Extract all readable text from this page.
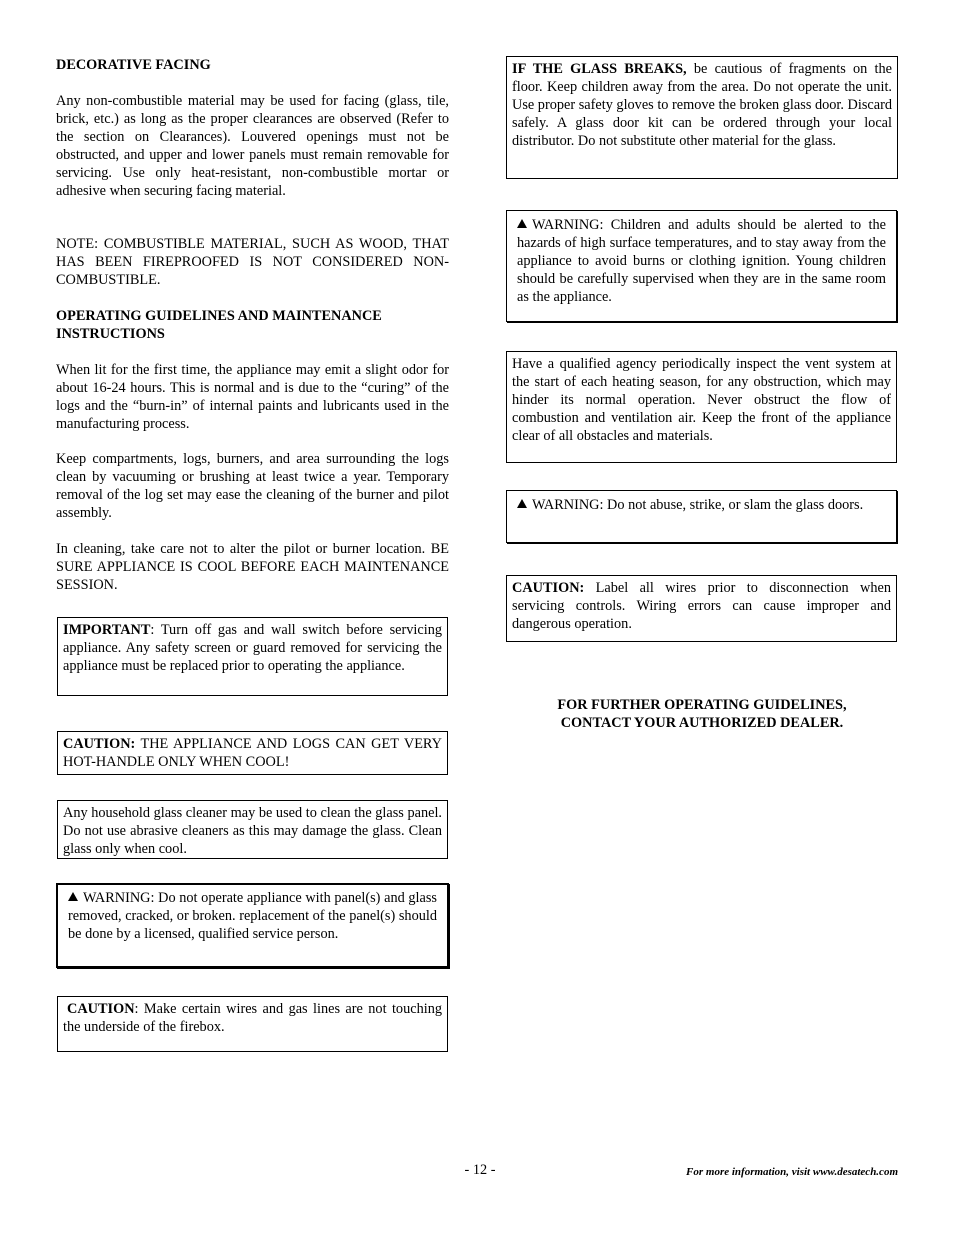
DECORATIVE FACING

Any non-combustible material may be used for facing (glass, tile, brick, etc.) as long as the proper clearances are observed (Refer to the section on Clearances). Louvered openings must not be obstructed, and upper and lower panels must remain removable for servicing. Use only heat-resistant, non-combustible mortar or adhesive when securing facing material.

NOTE: COMBUSTIBLE MATERIAL, SUCH AS WOOD, THAT HAS BEEN FIREPROOFED IS NOT CONSIDERED NON-COMBUSTIBLE.

OPERATING GUIDELINES AND MAINTENANCE INSTRUCTIONS

When lit for the first time, the appliance may emit a slight odor for about 16-24 hours. This is normal and is due to the “curing” of the logs and the “burn-in” of internal paints and lubricants used in the manufacturing process.

Keep compartments, logs, burners, and area surrounding the logs clean by vacuuming or brushing at least twice a year. Temporary removal of the log set may ease the cleaning of the burner and pilot assembly.

In cleaning, take care not to alter the pilot or burner location. BE SURE APPLIANCE IS COOL BEFORE EACH MAINTENANCE SESSION.

IMPORTANT: Turn off gas and wall switch before servicing appliance. Any safety screen or guard removed for servicing the appliance must be replaced prior to operating the appliance.
CAUTION: THE APPLIANCE AND LOGS CAN GET VERY HOT-HANDLE ONLY WHEN COOL!
Any household glass cleaner may be used to clean the glass panel. Do not use abrasive cleaners as this may damage the glass. Clean glass only when cool.
WARNING: Do not operate appliance with panel(s) and glass removed, cracked, or broken. replacement of the panel(s) should be done by a licensed, qualified service person.
CAUTION: Make certain wires and gas lines are not touching the underside of the firebox.
IF THE GLASS BREAKS, be cautious of fragments on the floor. Keep children away from the area. Do not operate the unit. Use proper safety gloves to remove the broken glass door. Discard safely. A glass door kit can be ordered through your local distributor. Do not substitute other material for the glass.
WARNING: Children and adults should be alerted to the hazards of high surface temperatures, and to stay away from the appliance to avoid burns or clothing ignition. Young children should be carefully supervised when they are in the same room as the appliance.
Have a qualified agency periodically inspect the vent system at the start of each heating season, for any obstruction, which may hinder its normal operation. Never obstruct the flow of combustion and ventilation air. Keep the front of the appliance clear of all obstacles and materials.
WARNING: Do not abuse, strike, or slam the glass doors.
CAUTION: Label all wires prior to disconnection when servicing controls. Wiring errors can cause improper and dangerous operation.
FOR FURTHER OPERATING GUIDELINES,
CONTACT YOUR AUTHORIZED DEALER.
- 12 -	For more information, visit www.desatech.com
